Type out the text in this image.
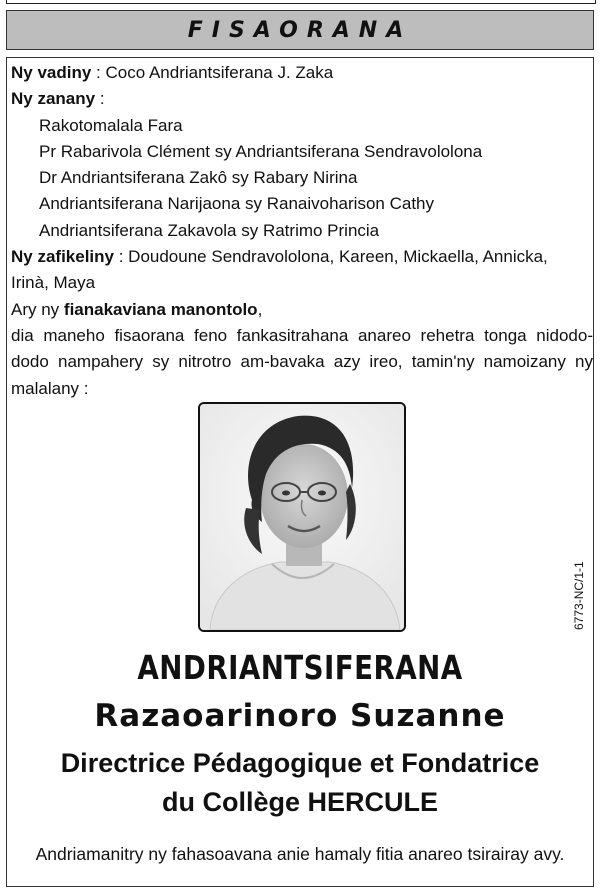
FISAORANA
Ny vadiny : Coco Andriantsiferana J. Zaka
Ny zanany :
Rakotomalala Fara
Pr Rabarivola Clément sy Andriantsiferana Sendravololona
Dr Andriantsiferana Zakô sy Rabary Nirina
Andriantsiferana Narijaona sy Ranaivoharison Cathy
Andriantsiferana Zakavola sy Ratrimo Princia
Ny zafikeliny : Doudoune Sendravololona, Kareen, Mickaella, Annicka,
Irinà, Maya
Ary ny fianakaviana manontolo,
dia maneho fisaorana feno fankasitrahana anareo rehetra tonga nidodo-
dodo nampahery sy nitrotro am-bavaka azy ireo, tamin'ny namoizany ny
malalany :
6773-NC/1-1
ANDRIANTSIFERANA
Razaoarinoro Suzanne
Directrice Pédagogique et Fondatrice
du Collège HERCULE
Andriamanitry ny fahasoavana anie hamaly fitia anareo tsirairay avy.
